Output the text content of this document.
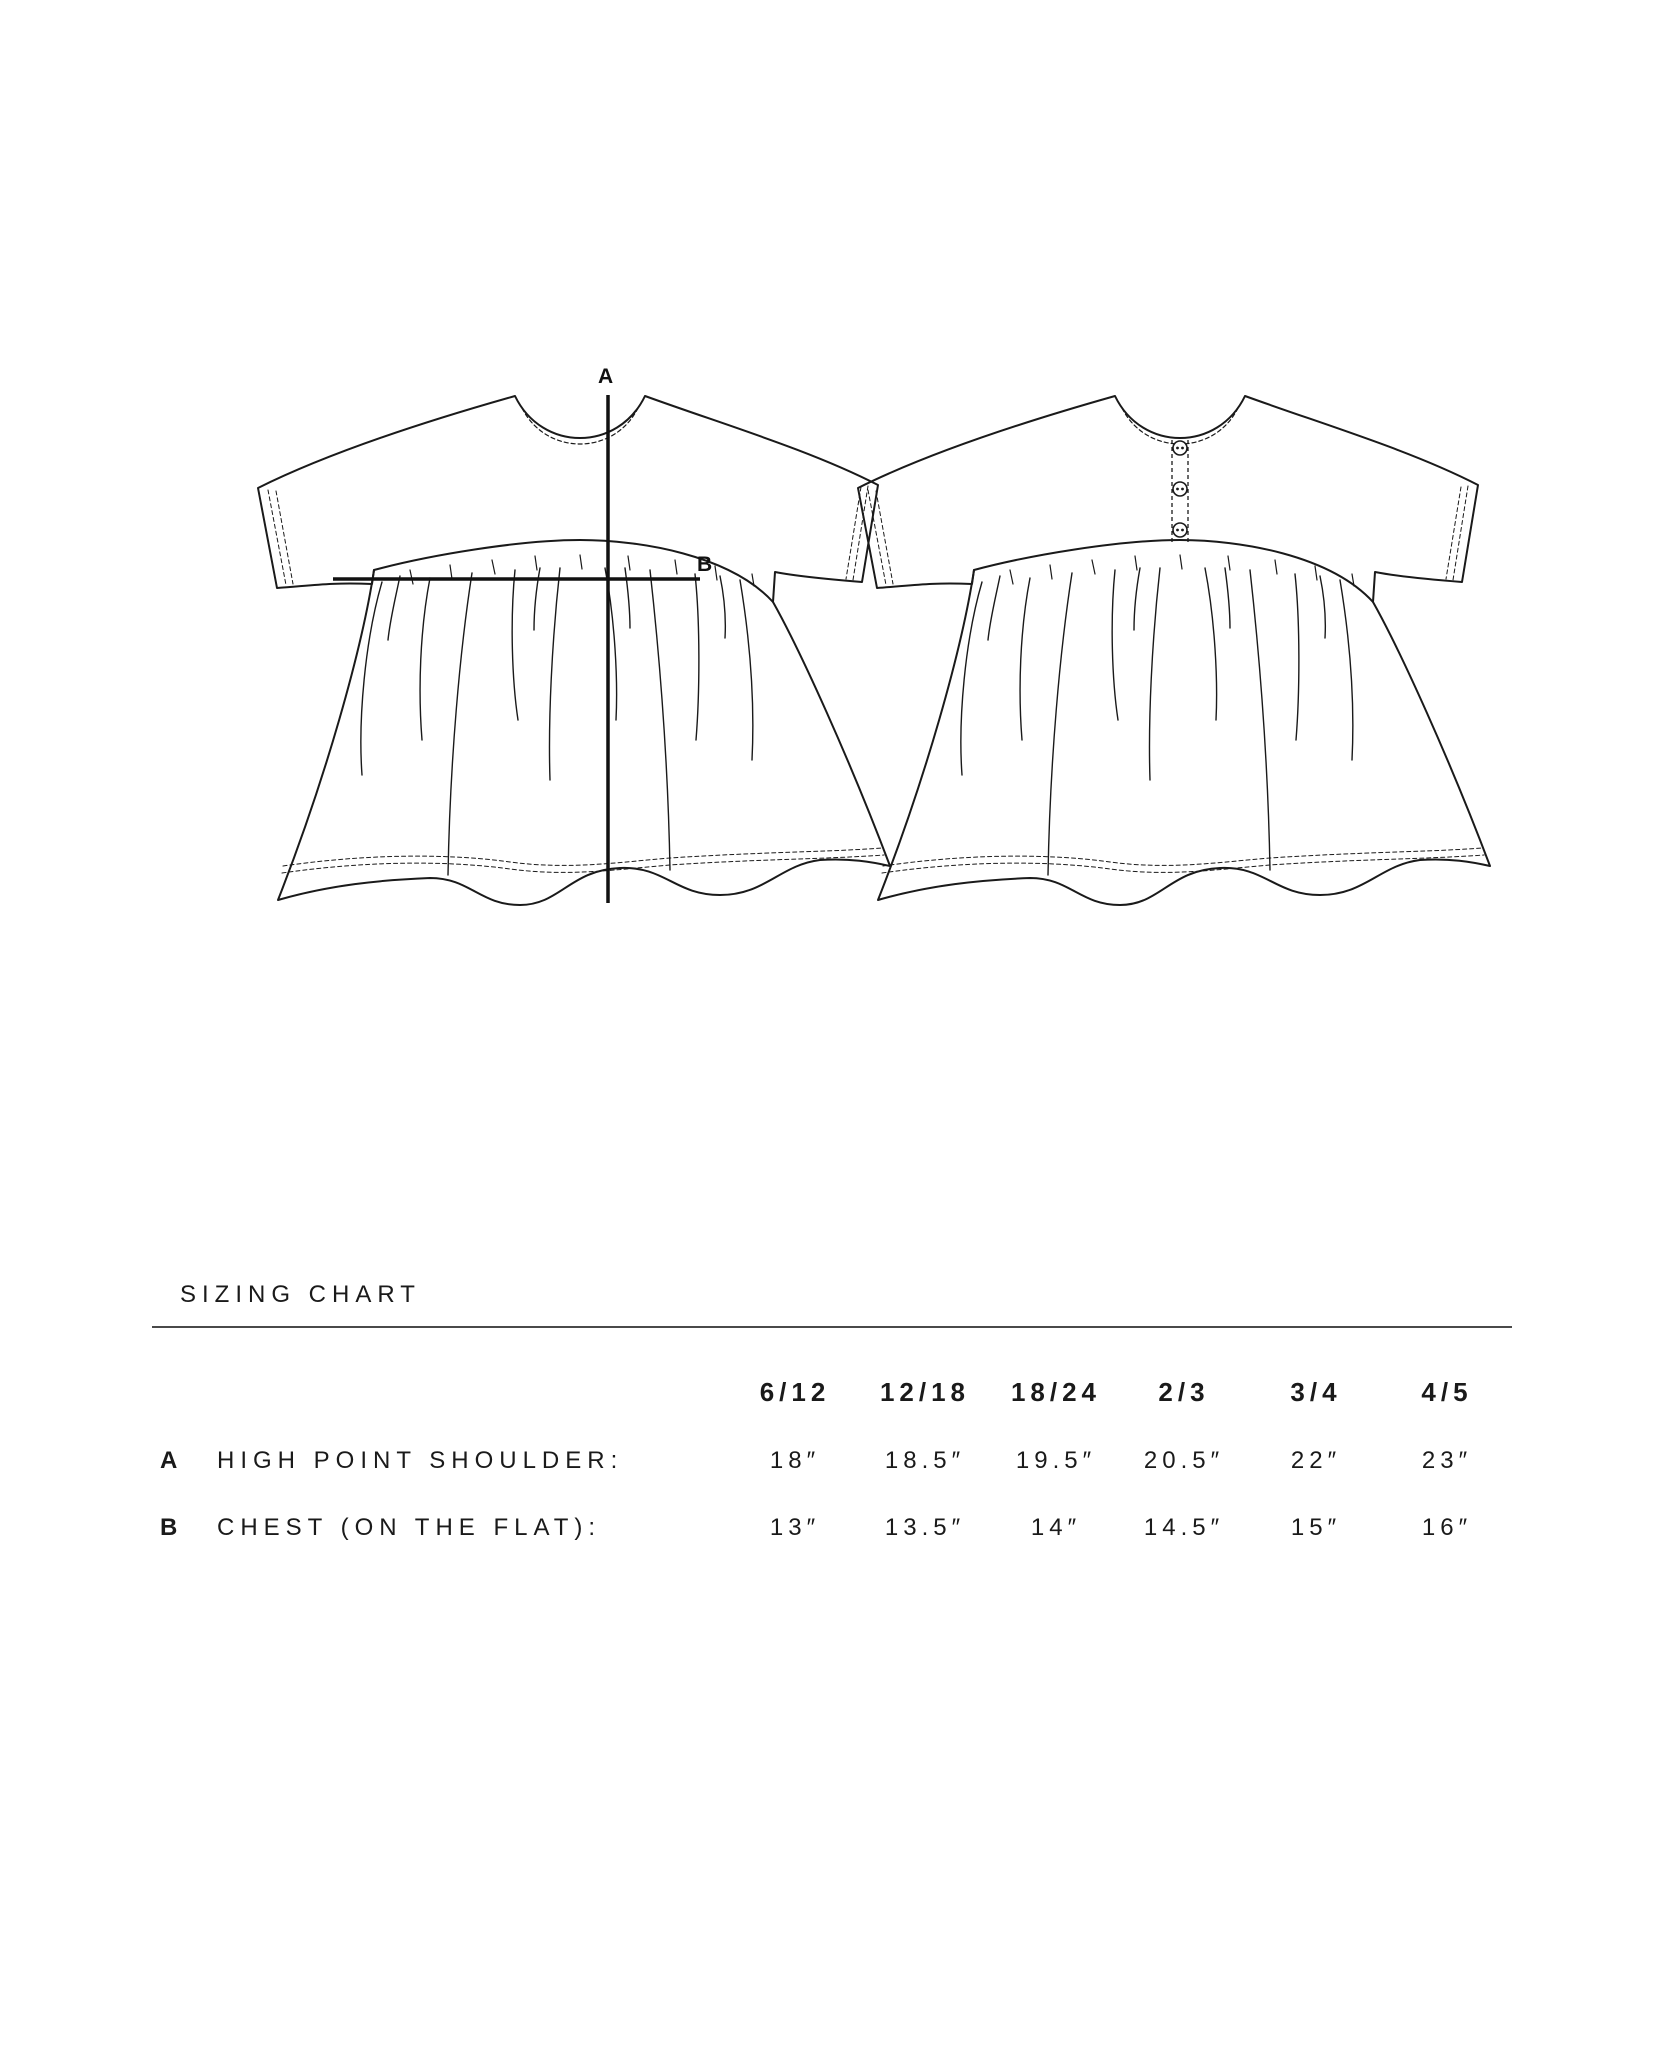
A
B
SIZING CHART
6/12	12/18	18/24	2/3	3/4	4/5
A HIGH POINT SHOULDER:	18″	18.5″	19.5″	20.5″	22″	23″
B CHEST (ON THE FLAT):	13″	13.5″	14″	14.5″	15″	16″
